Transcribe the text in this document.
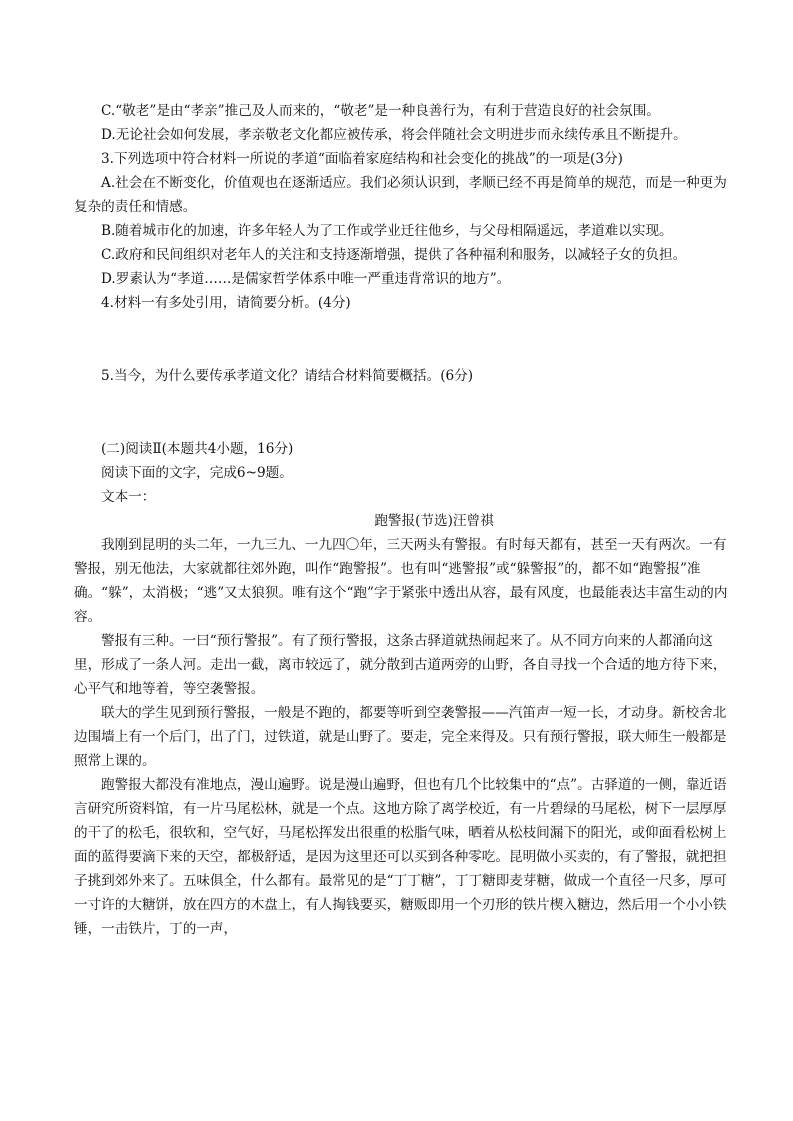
C.“敬老”是由“孝亲”推己及人而来的，“敬老”是一种良善行为，有利于营造良好的社会氛围。

D.无论社会如何发展，孝亲敬老文化都应被传承，将会伴随社会文明进步而永续传承且不断提升。

3.下列选项中符合材料一所说的孝道“面临着家庭结构和社会变化的挑战”的一项是(3分)

A.社会在不断变化，价值观也在逐渐适应。我们必须认识到，孝顺已经不再是简单的规范，而是一种更为复杂的责任和情感。

B.随着城市化的加速，许多年轻人为了工作或学业迁往他乡，与父母相隔遥远，孝道难以实现。

C.政府和民间组织对老年人的关注和支持逐渐增强，提供了各种福利和服务，以减轻子女的负担。

D.罗素认为“孝道……是儒家哲学体系中唯一严重违背常识的地方”。

4.材料一有多处引用，请简要分析。(4分)

5.当今，为什么要传承孝道文化？请结合材料简要概括。(6分)

(二)阅读Ⅱ(本题共4小题，16分)

阅读下面的文字，完成6~9题。

文本一：

跑警报(节选)汪曾祺

我刚到昆明的头二年，一九三九、一九四〇年，三天两头有警报。有时每天都有，甚至一天有两次。一有警报，别无他法，大家就都往郊外跑，叫作“跑警报”。也有叫“逃警报”或“躲警报”的，都不如“跑警报”准确。“躲”，太消极；“逃”又太狼狈。唯有这个“跑”字于紧张中透出从容，最有风度，也最能表达丰富生动的内容。

警报有三种。一曰“预行警报”。有了预行警报，这条古驿道就热闹起来了。从不同方向来的人都涌向这里，形成了一条人河。走出一截，离市较远了，就分散到古道两旁的山野，各自寻找一个合适的地方待下来，心平气和地等着，等空袭警报。

联大的学生见到预行警报，一般是不跑的，都要等听到空袭警报——汽笛声一短一长，才动身。新校舍北边围墙上有一个后门，出了门，过铁道，就是山野了。要走，完全来得及。只有预行警报，联大师生一般都是照常上课的。

跑警报大都没有准地点，漫山遍野。说是漫山遍野，但也有几个比较集中的“点”。古驿道的一侧，靠近语言研究所资料馆，有一片马尾松林，就是一个点。这地方除了离学校近，有一片碧绿的马尾松，树下一层厚厚的干了的松毛，很软和，空气好，马尾松挥发出很重的松脂气味，晒着从松枝间漏下的阳光，或仰面看松树上面的蓝得要滴下来的天空，都极舒适，是因为这里还可以买到各种零吃。昆明做小买卖的，有了警报，就把担子挑到郊外来了。五味俱全，什么都有。最常见的是“丁丁糖”，丁丁糖即麦芽糖，做成一个直径一尺多，厚可一寸许的大糖饼，放在四方的木盘上，有人掏钱要买，糖贩即用一个刃形的铁片楔入糖边，然后用一个小小铁锤，一击铁片，丁的一声，
